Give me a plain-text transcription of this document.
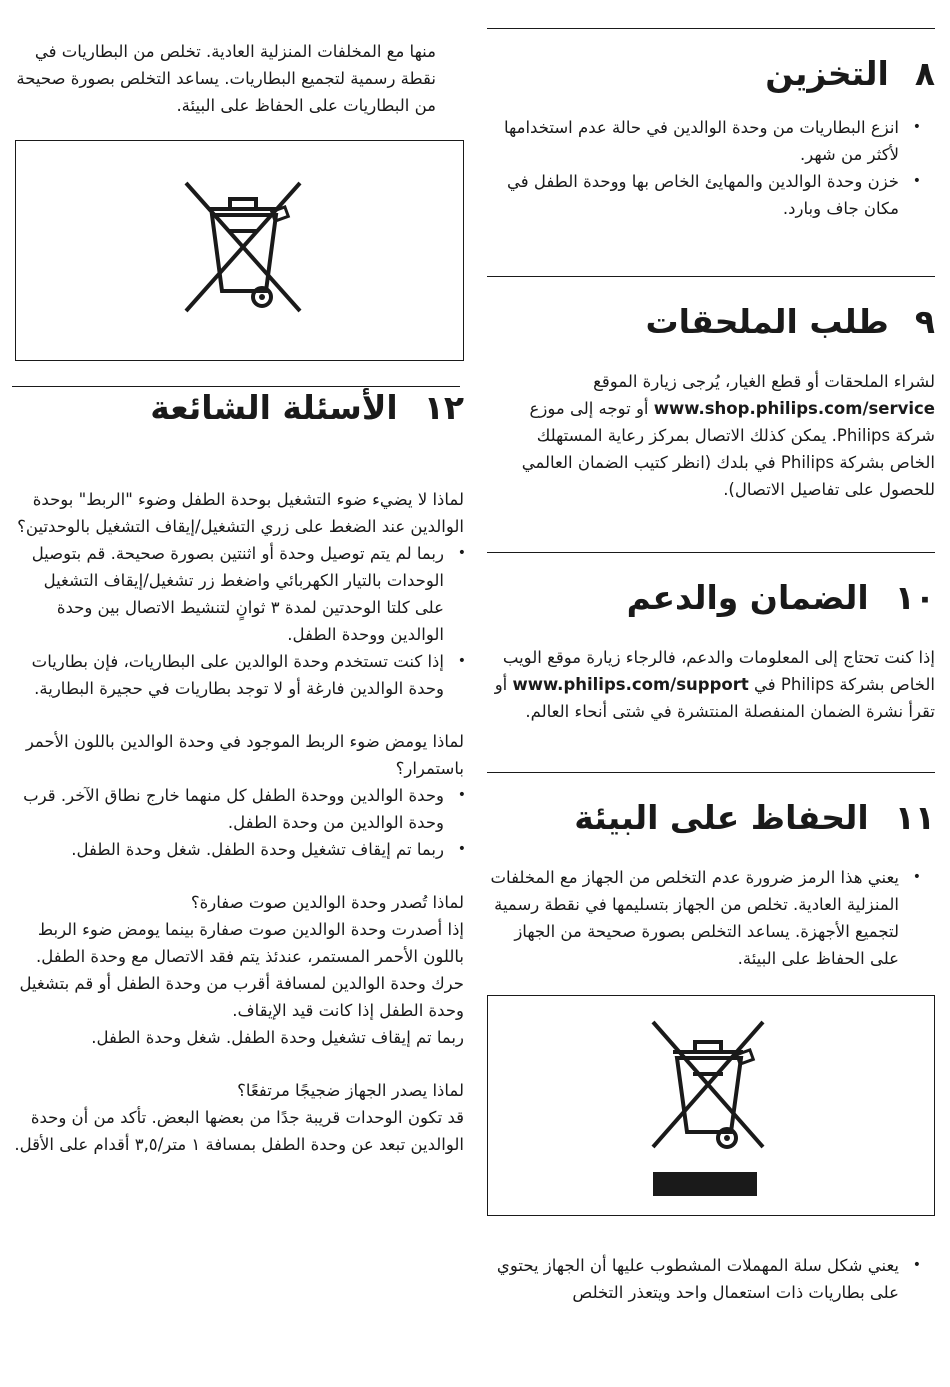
٨التخزين
• انزع البطاريات من وحدة الوالدين في حالة عدم استخدامها لأكثر من شهر.
• خزن وحدة الوالدين والمهايئ الخاص بها ووحدة الطفل في مكان جاف وبارد.
٩طلب الملحقات

لشراء الملحقات أو قطع الغيار، يُرجى زيارة الموقع www.shop.philips.com/service أو توجه إلى موزع شركة Philips. يمكن كذلك الاتصال بمركز رعاية المستهلك الخاص بشركة Philips في بلدك (انظر كتيب الضمان العالمي للحصول على تفاصيل الاتصال).

١٠الضمان والدعم

إذا كنت تحتاج إلى المعلومات والدعم، فالرجاء زيارة موقع الويب الخاص بشركة Philips في www.philips.com/support أو تقرأ نشرة الضمان المنفصلة المنتشرة في شتى أنحاء العالم.

١١الحفاظ على البيئة
• يعني هذا الرمز ضرورة عدم التخلص من الجهاز مع المخلفات المنزلية العادية. تخلص من الجهاز بتسليمها في نقطة رسمية لتجميع الأجهزة. يساعد التخلص بصورة صحيحة من الجهاز على الحفاظ على البيئة.
• يعني شكل سلة المهملات المشطوب عليها أن الجهاز يحتوي على بطاريات ذات استعمال واحد ويتعذر التخلص

منها مع المخلفات المنزلية العادية. تخلص من البطاريات في نقطة رسمية لتجميع البطاريات. يساعد التخلص بصورة صحيحة من البطاريات على الحفاظ على البيئة.

١٢الأسئلة الشائعة

لماذا لا يضيء ضوء التشغيل بوحدة الطفل وضوء "الربط" بوحدة الوالدين عند الضغط على زري التشغيل/إيقاف التشغيل بالوحدتين؟

• ربما لم يتم توصيل وحدة أو اثنتين بصورة صحيحة. قم بتوصيل الوحدات بالتيار الكهربائي واضغط زر تشغيل/إيقاف التشغيل على كلتا الوحدتين لمدة ٣ ثوانٍ لتنشيط الاتصال بين وحدة الوالدين ووحدة الطفل.
• إذا كنت تستخدم وحدة الوالدين على البطاريات، فإن بطاريات وحدة الوالدين فارغة أو لا توجد بطاريات في حجيرة البطارية.

لماذا يومض ضوء الربط الموجود في وحدة الوالدين باللون الأحمر باستمرار؟

• وحدة الوالدين ووحدة الطفل كل منهما خارج نطاق الآخر. قرب وحدة الوالدين من وحدة الطفل.
• ربما تم إيقاف تشغيل وحدة الطفل. شغل وحدة الطفل.

لماذا تُصدر وحدة الوالدين صوت صفارة؟

إذا أصدرت وحدة الوالدين صوت صفارة بينما يومض ضوء الربط باللون الأحمر المستمر، عندئذ يتم فقد الاتصال مع وحدة الطفل. حرك وحدة الوالدين لمسافة أقرب من وحدة الطفل أو قم بتشغيل وحدة الطفل إذا كانت قيد الإيقاف.

ربما تم إيقاف تشغيل وحدة الطفل. شغل وحدة الطفل.

لماذا يصدر الجهاز ضجيجًا مرتفعًا؟

قد تكون الوحدات قريبة جدًا من بعضها البعض. تأكد من أن وحدة الوالدين تبعد عن وحدة الطفل بمسافة ١ متر/٣,٥ أقدام على الأقل.
